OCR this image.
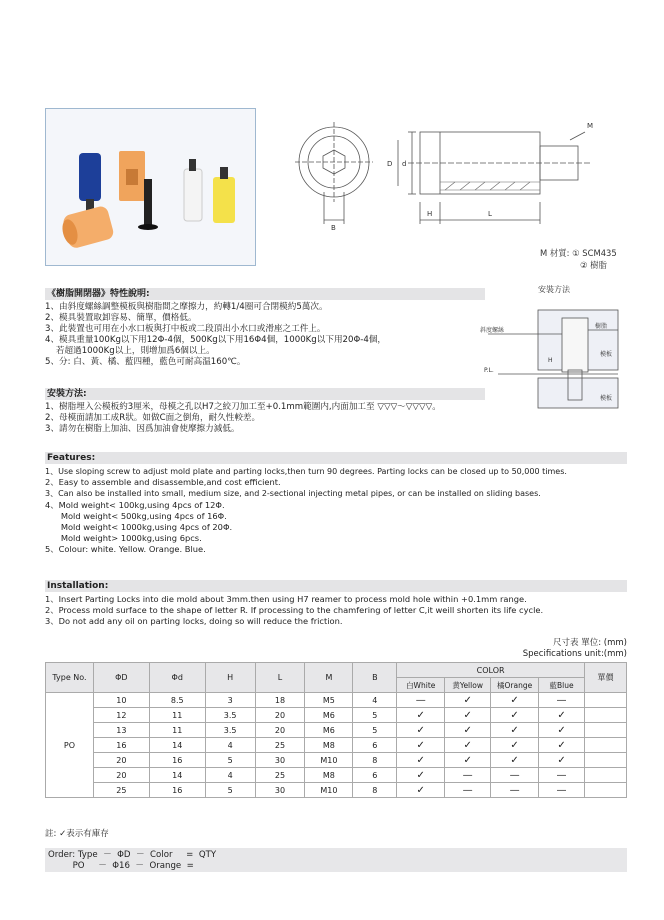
M
D d
B
H	L
M 材質: ① SCM435
② 樹脂
安裝方法
斜度螺絲
樹脂
模板
模板
H
P.L.
《樹脂開閉器》特性說明:
1、由斜度螺絲調整模板與樹脂間之摩擦力，約轉1/4圈可合閉模約5萬次。
2、模具裝置取卸容易、簡單，價格低。
3、此裝置也可用在小水口板與打中板或二段頂出小水口或滑座之工件上。
4、模具重量100Kg以下用12Φ-4個，500Kg以下用16Φ4個，1000Kg以下用20Φ-4個，
若超過1000Kg以上，則增加爲6個以上。
5、分: 白、黃、橘、藍四種，藍色可耐高温160℃。
安裝方法:
1、樹脂埋入公模板約3厘米，母模之孔以H7之絞刀加工至+0.1mm範圍内,内面加工至 ▽▽▽～▽▽▽▽。
2、母模面請加工成R狀。如做C面之倒角，耐久性較差。
3、請勿在樹脂上加油、因爲加油會使摩擦力減低。
Features:
1、Use sloping screw to adjust mold plate and parting locks,then turn 90 degrees. Parting locks can be closed up to 50,000 times.
2、Easy to assemble and disassemble,and cost efficient.
3、Can also be installed into small, medium size, and 2-sectional injecting metal pipes, or can be installed on sliding bases.
4、Mold weight< 100kg,using 4pcs of 12Φ.
Mold weight< 500kg,using 4pcs of 16Φ.
Mold weight< 1000kg,using 4pcs of 20Φ.
Mold weight> 1000kg,using 6pcs.
5、Colour: white. Yellow. Orange. Blue.
Installation:
1、Insert Parting Locks into die mold about 3mm.then using H7 reamer to process mold hole within +0.1mm range.
2、Process mold surface to the shape of letter R. If processing to the chamfering of letter C,it weill shorten its life cycle.
3、Do not add any oil on parting locks, doing so will reduce the friction.
尺寸表 單位: (mm)
Specifications unit:(mm)
Type No.	ΦD	Φd	H	L	M	B	COLOR				單價
							白White	黄Yellow	橘Orange	藍Blue	
PO	10	8.5	3	18	M5	4	—	✓	✓	—	
	12	11	3.5	20	M6	5	✓	✓	✓	✓	
	13	11	3.5	20	M6	5	✓	✓	✓	✓	
	16	14	4	25	M8	6	✓	✓	✓	✓	
	20	16	5	30	M10	8	✓	✓	✓	✓	
	20	14	4	25	M8	6	✓	—	—	—	
	25	16	5	30	M10	8	✓	—	—	—	
註: ✓表示有庫存
Order: Type  －  ΦD  －  Color     =  QTY
PO     －  Φ16  －  Orange  =
